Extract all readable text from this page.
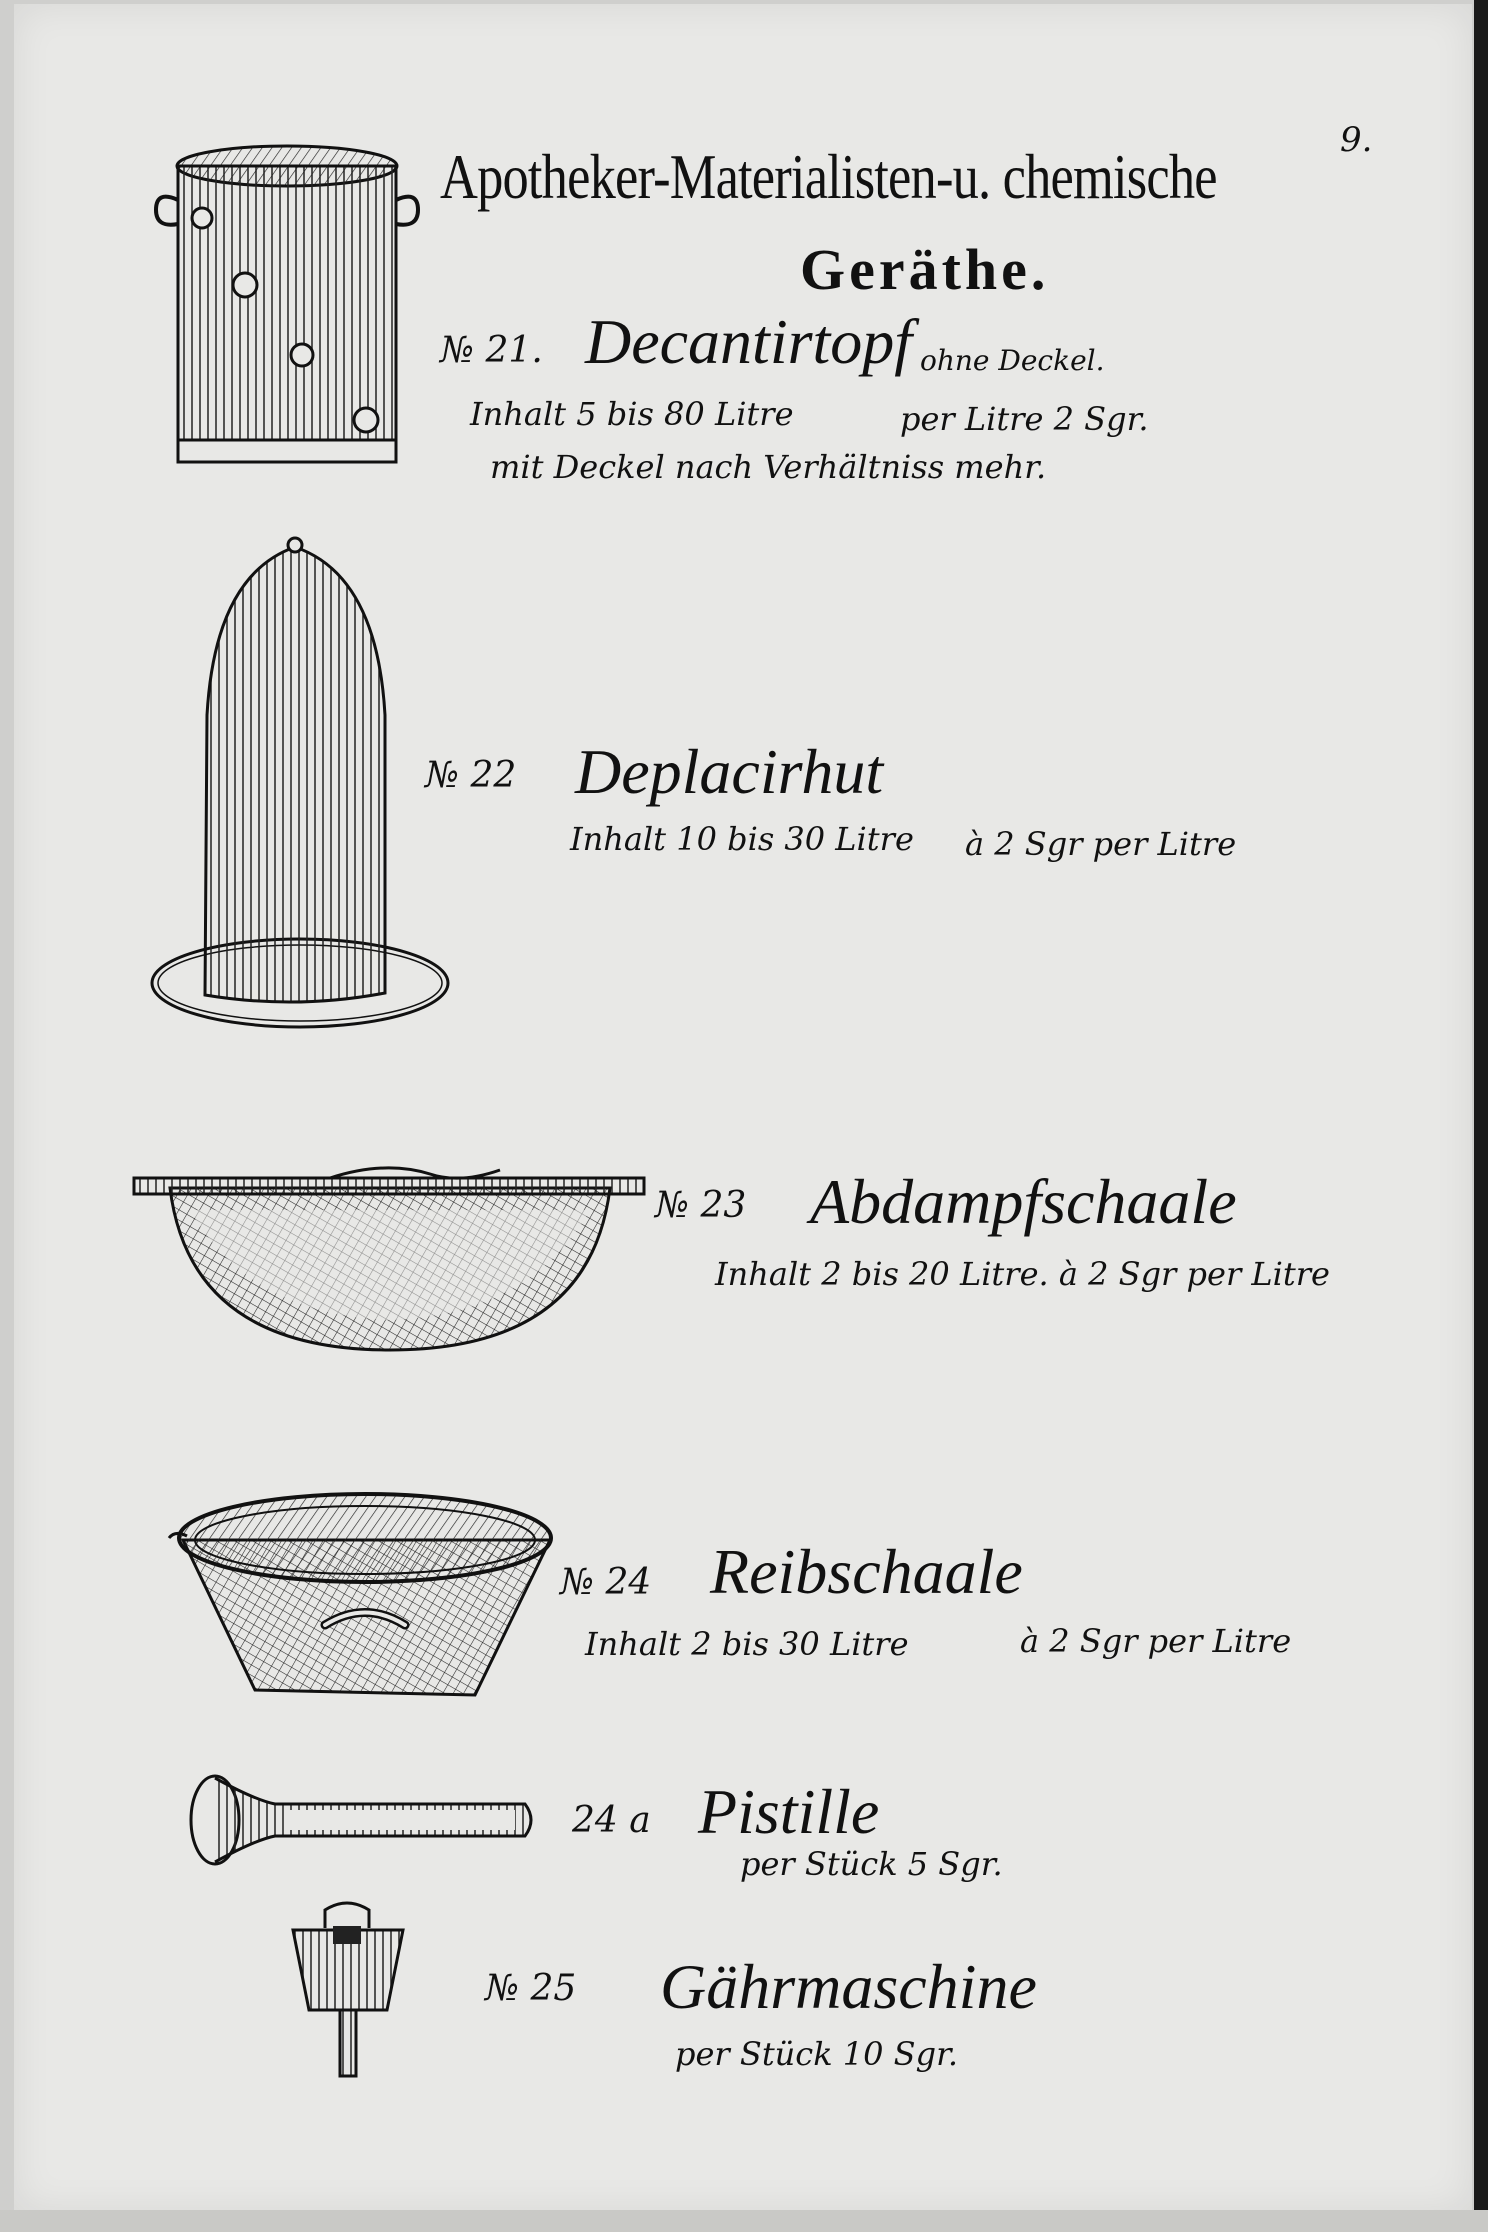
9.
Apotheker-Materialisten-u. chemische
Geräthe.
№ 21. Decantirtopf ohne Deckel.
Inhalt 5 bis 80 Litre	per Litre 2 Sgr.
mit Deckel nach Verhältniss mehr.
№ 22 Deplacirhut
Inhalt 10 bis 30 Litre à 2 Sgr per Litre
№ 23 Abdampfschaale
Inhalt 2 bis 20 Litre. à 2 Sgr per Litre
№ 24 Reibschaale
Inhalt 2 bis 30 Litre	à 2 Sgr per Litre
24 a Pistille
per Stück 5 Sgr.
№ 25 Gährmaschine
per Stück 10 Sgr.
